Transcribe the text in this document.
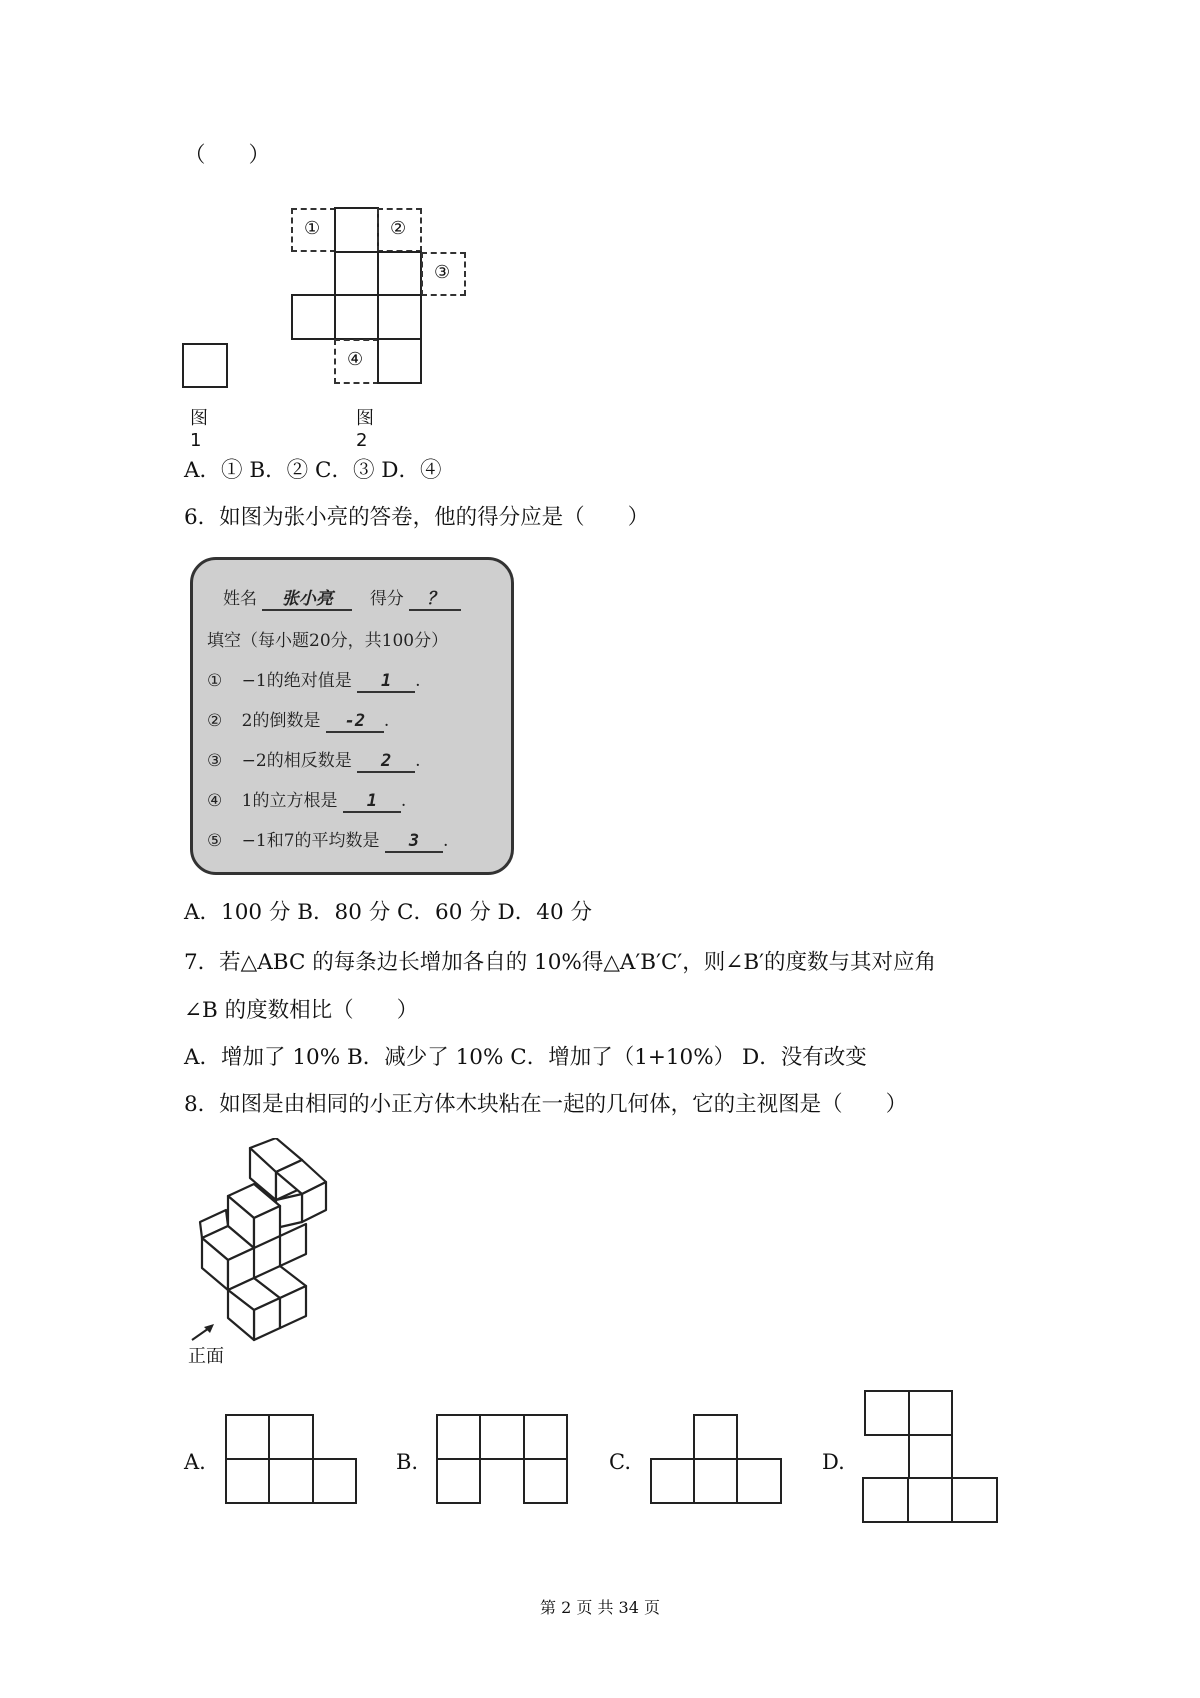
（　　）
图1
①	②
③
④
图2
A．① B．② C．③ D．④
6．如图为张小亮的答卷，他的得分应是（　　）
姓名 张小亮 得分 ？
填空（每小题20分，共100分）
① −1的绝对值是 1 .
② 2的倒数是 -2 .
③ −2的相反数是 2 .
④ 1的立方根是 1 .
⑤ −1和7的平均数是 3 .
A．100 分 B．80 分 C．60 分 D．40 分
7．若△ABC 的每条边长增加各自的 10%得△A′B′C′，则∠B′的度数与其对应角
∠B 的度数相比（　　）
A．增加了 10% B．减少了 10% C．增加了（1+10%） D．没有改变
8．如图是由相同的小正方体木块粘在一起的几何体，它的主视图是（　　）
正面
A.	B.	C.	D.
第 2 页 共 34 页
